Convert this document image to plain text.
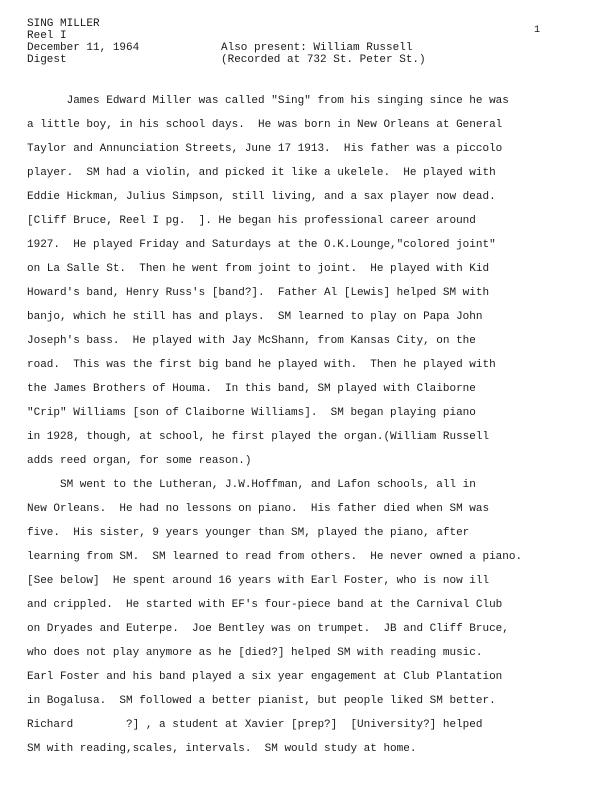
SING MILLER
Reel I
December 11, 1964
Digest
Also present: William Russell
(Recorded at 732 St. Peter St.)
1
James Edward Miller was called "Sing" from his singing since he was
a little boy, in his school days.  He was born in New Orleans at General
Taylor and Annunciation Streets, June 17 1913.  His father was a piccolo
player.  SM had a violin, and picked it like a ukelele.  He played with
Eddie Hickman, Julius Simpson, still living, and a sax player now dead.
[Cliff Bruce, Reel I pg.  ]. He began his professional career around
1927.  He played Friday and Saturdays at the O.K.Lounge,"colored joint"
on La Salle St.  Then he went from joint to joint.  He played with Kid
Howard's band, Henry Russ's [band?].  Father Al [Lewis] helped SM with
banjo, which he still has and plays.  SM learned to play on Papa John
Joseph's bass.  He played with Jay McShann, from Kansas City, on the
road.  This was the first big band he played with.  Then he played with
the James Brothers of Houma.  In this band, SM played with Claiborne
"Crip" Williams [son of Claiborne Williams].  SM began playing piano
in 1928, though, at school, he first played the organ.(William Russell
adds reed organ, for some reason.)
SM went to the Lutheran, J.W.Hoffman, and Lafon schools, all in
New Orleans.  He had no lessons on piano.  His father died when SM was
five.  His sister, 9 years younger than SM, played the piano, after
learning from SM.  SM learned to read from others.  He never owned a piano.
[See below]  He spent around 16 years with Earl Foster, who is now ill
and crippled.  He started with EF's four-piece band at the Carnival Club
on Dryades and Euterpe.  Joe Bentley was on trumpet.  JB and Cliff Bruce,
who does not play anymore as he [died?] helped SM with reading music.
Earl Foster and his band played a six year engagement at Club Plantation
in Bogalusa.  SM followed a better pianist, but people liked SM better.
Richard        ?] , a student at Xavier [prep?]  [University?] helped
SM with reading,scales, intervals.  SM would study at home.
